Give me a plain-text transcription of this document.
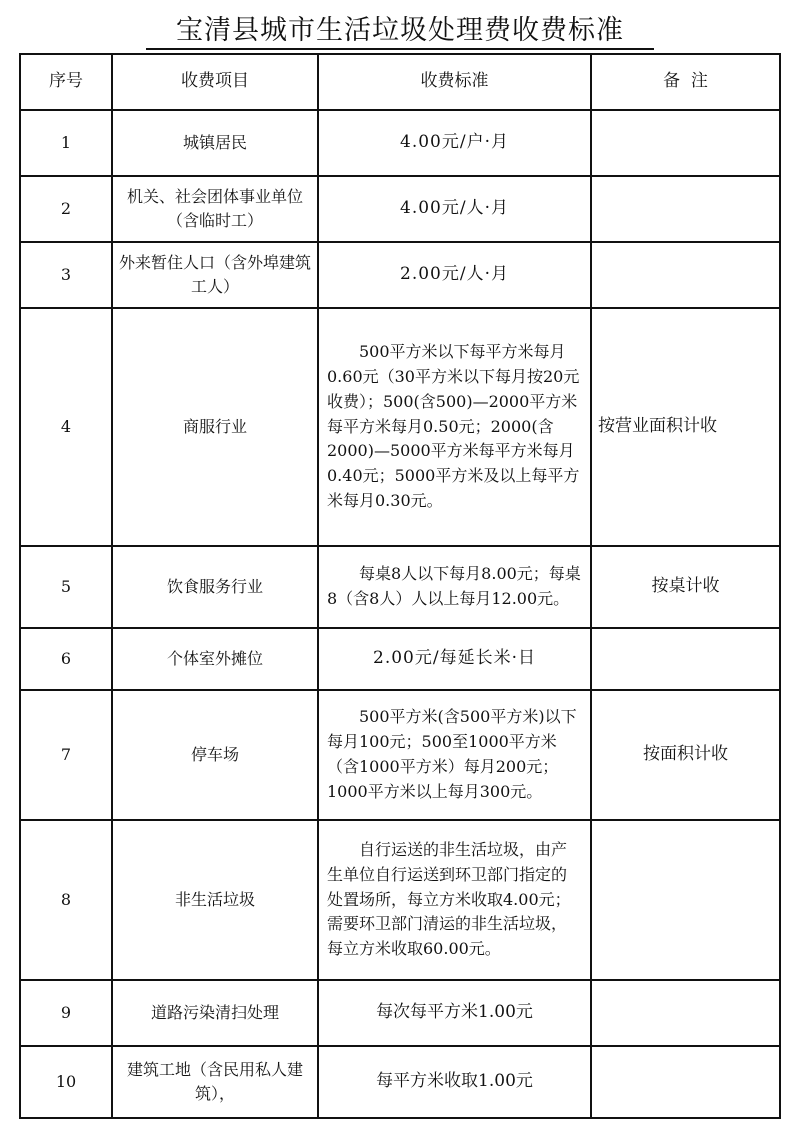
宝清县城市生活垃圾处理费收费标准
序号	收费项目	收费标准	备  注
1	城镇居民	4.00元/户·月	
2	机关、社会团体事业单位（含临时工）	4.00元/人·月	
3	外来暂住人口（含外埠建筑工人）	2.00元/人·月	
4	商服行业	500平方米以下每平方米每月0.60元（30平方米以下每月按20元收费）；500(含500)—2000平方米每平方米每月0.50元；2000(含2000)—5000平方米每平方米每月0.40元；5000平方米及以上每平方米每月0.30元。	按营业面积计收
5	饮食服务行业	每桌8人以下每月8.00元；每桌8（含8人）人以上每月12.00元。	按桌计收
6	个体室外摊位	2.00元/每延长米·日	
7	停车场	500平方米(含500平方米)以下每月100元；500至1000平方米（含1000平方米）每月200元；1000平方米以上每月300元。	按面积计收
8	非生活垃圾	自行运送的非生活垃圾，由产生单位自行运送到环卫部门指定的处置场所，每立方米收取4.00元；需要环卫部门清运的非生活垃圾，每立方米收取60.00元。	
9	道路污染清扫处理	每次每平方米1.00元	
10	建筑工地（含民用私人建筑），	每平方米收取1.00元	
